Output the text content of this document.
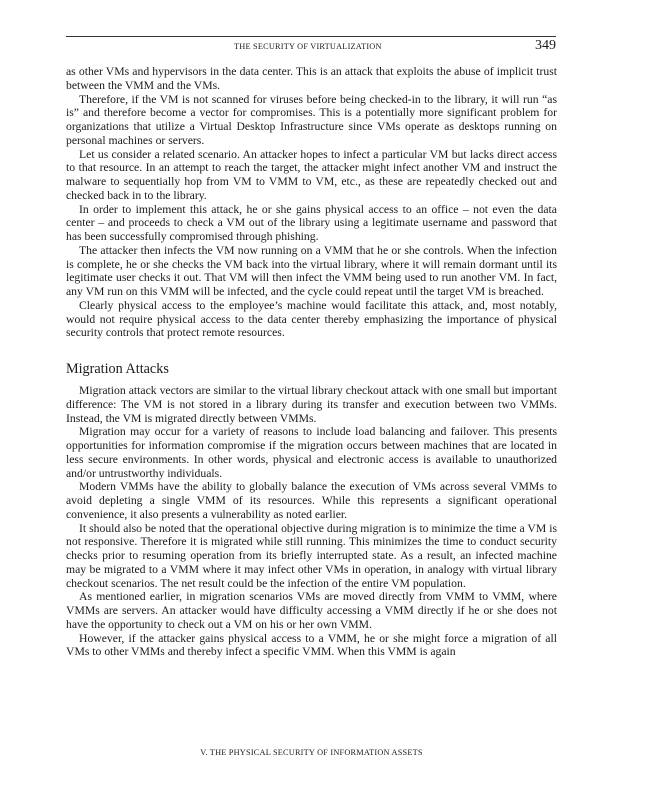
THE SECURITY OF VIRTUALIZATION	349

as other VMs and hypervisors in the data center. This is an attack that exploits the abuse of implicit trust between the VMM and the VMs.

Therefore, if the VM is not scanned for viruses before being checked-in to the library, it will run “as is” and therefore become a vector for compromises. This is a potentially more significant problem for organizations that utilize a Virtual Desktop Infrastructure since VMs operate as desktops running on personal machines or servers.

Let us consider a related scenario. An attacker hopes to infect a particular VM but lacks direct access to that resource. In an attempt to reach the target, the attacker might infect another VM and instruct the malware to sequentially hop from VM to VMM to VM, etc., as these are repeatedly checked out and checked back in to the library.

In order to implement this attack, he or she gains physical access to an office – not even the data center – and proceeds to check a VM out of the library using a legitimate username and password that has been successfully compromised through phishing.

The attacker then infects the VM now running on a VMM that he or she controls. When the infection is complete, he or she checks the VM back into the virtual library, where it will remain dormant until its legitimate user checks it out. That VM will then infect the VMM being used to run another VM. In fact, any VM run on this VMM will be infected, and the cycle could repeat until the target VM is breached.

Clearly physical access to the employee’s machine would facilitate this attack, and, most notably, would not require physical access to the data center thereby emphasizing the importance of physical security controls that protect remote resources.

Migration Attacks

Migration attack vectors are similar to the virtual library checkout attack with one small but important difference: The VM is not stored in a library during its transfer and execution between two VMMs. Instead, the VM is migrated directly between VMMs.

Migration may occur for a variety of reasons to include load balancing and failover. This presents opportunities for information compromise if the migration occurs between machines that are located in less secure environments. In other words, physical and electronic access is available to unauthorized and/or untrustworthy individuals.

Modern VMMs have the ability to globally balance the execution of VMs across several VMMs to avoid depleting a single VMM of its resources. While this represents a significant operational convenience, it also presents a vulnerability as noted earlier.

It should also be noted that the operational objective during migration is to minimize the time a VM is not responsive. Therefore it is migrated while still running. This minimizes the time to conduct security checks prior to resuming operation from its briefly interrupted state. As a result, an infected machine may be migrated to a VMM where it may infect other VMs in operation, in analogy with virtual library checkout scenarios. The net result could be the infection of the entire VM population.

As mentioned earlier, in migration scenarios VMs are moved directly from VMM to VMM, where VMMs are servers. An attacker would have difficulty accessing a VMM directly if he or she does not have the opportunity to check out a VM on his or her own VMM.

However, if the attacker gains physical access to a VMM, he or she might force a migration of all VMs to other VMMs and thereby infect a specific VMM. When this VMM is again

V. THE PHYSICAL SECURITY OF INFORMATION ASSETS
